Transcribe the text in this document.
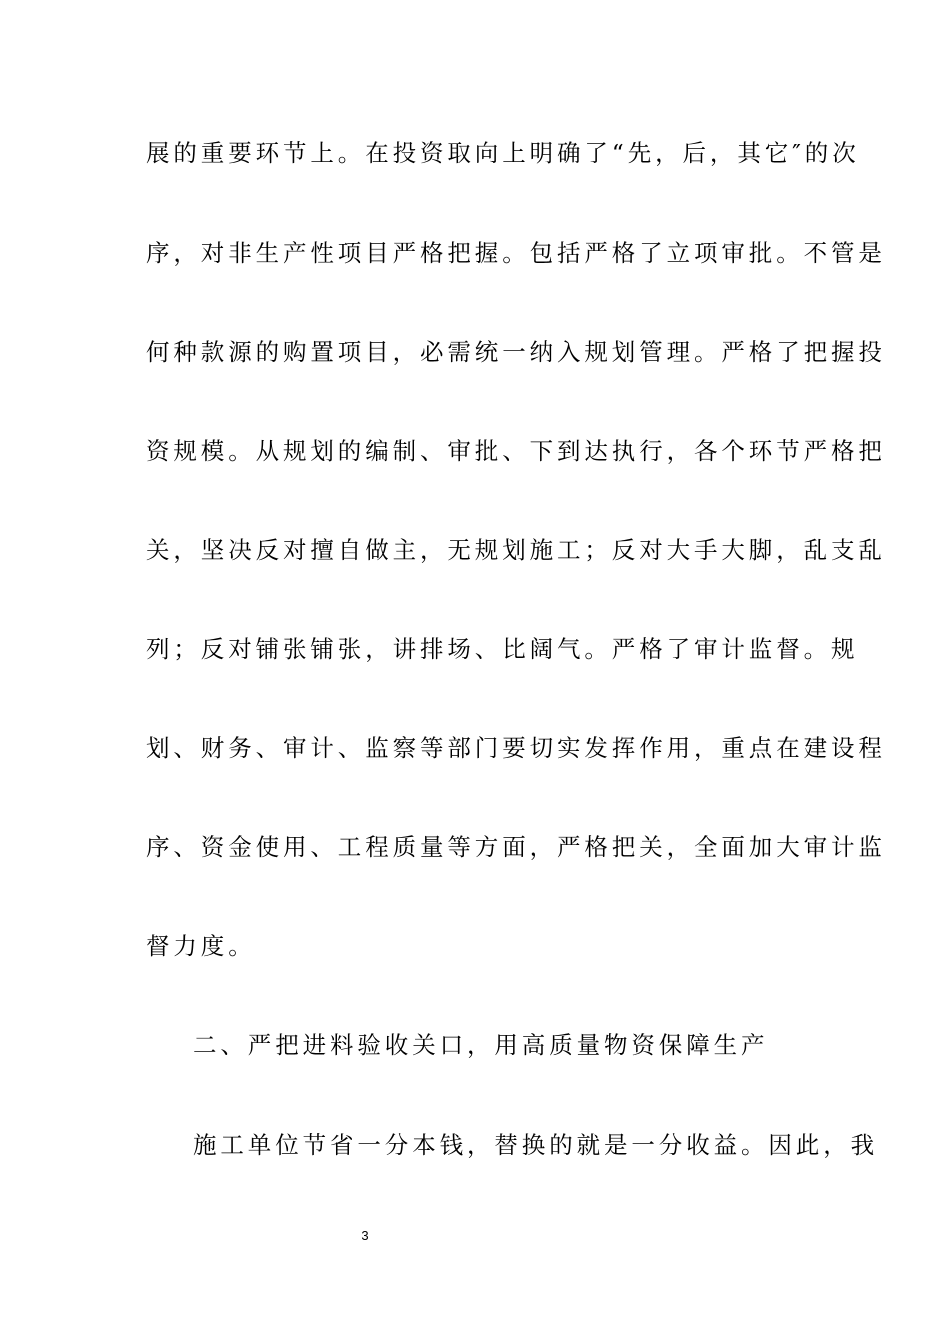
展的重要环节上。在投资取向上明确了“先，后，其它″的次
序，对非生产性项目严格把握。包括严格了立项审批。不管是
何种款源的购置项目，必需统一纳入规划管理。严格了把握投
资规模。从规划的编制、审批、下到达执行，各个环节严格把
关，坚决反对擅自做主，无规划施工；反对大手大脚，乱支乱
列；反对铺张铺张，讲排场、比阔气。严格了审计监督。规
划、财务、审计、监察等部门要切实发挥作用，重点在建设程
序、资金使用、工程质量等方面，严格把关，全面加大审计监
督力度。
二、严把进料验收关口，用高质量物资保障生产
施工单位节省一分本钱，替换的就是一分收益。因此，我
3
